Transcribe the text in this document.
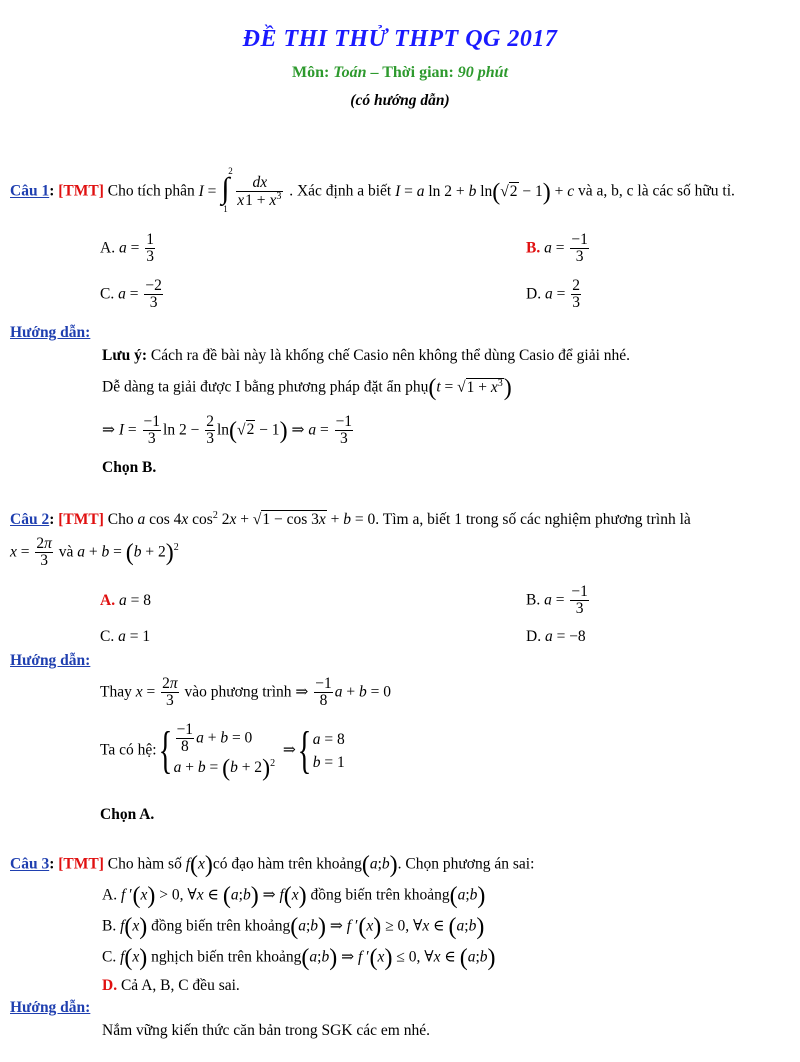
ĐỀ THI THỬ THPT QG 2017
Môn: Toán – Thời gian: 90 phút
(có hướng dẫn)
Câu 1: [TMT] Cho tích phân I = ∫
2
$1 \frac{dx}{x1 + x^3}$ . Xác định a biết I = a ln 2 + b ln(√2 − 1) + c và a, b, c là các số hữu tỉ.
A. $a = \frac{1}{3}$	B. $a = \frac{-1}{3}$
C. $a = \frac{-2}{3}$	D. $a = \frac{2}{3}$
Hướng dẫn:
Lưu ý: Cách ra đề bài này là khống chế Casio nên không thể dùng Casio để giải nhé.
Dễ dàng ta giải được I bằng phương pháp đặt ẩn phụ(t = $√1 + x^3$)
⇒ $I = \frac{-1}{3}$ $\ln 2 - \frac{2}{3} \ln(√2 - 1)$ ⇒ $a = \frac{-1}{3}$
Chọn B.
Câu 2: [TMT] Cho a cos 4x $\cos^2 2x + √1 - \cos 3x + b = 0$. Tìm a, biết 1 trong số các nghiệm phương trình là
$x = \frac{2\pi}{3}$ và $a + b = (b + 2)^2$
A. a = 8	B. $a = \frac{-1}{3}$
C. a = 1	D. a = −8
Hướng dẫn:
Thay $x = \frac{2\pi}{3}$ vào phương trình ⇒ $\frac{-1}{8}$ a + b = 0
Ta có hệ:{ $\frac{-1}{8}$ a + b = 0
$a + b = (b + 2)^2$
⇒{ a = 8
b = 1
Chọn A.
Câu 3: [TMT] Cho hàm số f(x)có đạo hàm trên khoảng(a;b). Chọn phương án sai:
A. f ′(x) > 0, ∀x ∈ (a;b) ⇒ f(x) đồng biến trên khoảng(a;b)
B. f(x) đồng biến trên khoảng(a;b) ⇒ f ′(x) ≥ 0, ∀x ∈ (a;b)
C. f(x) nghịch biến trên khoảng(a;b) ⇒ f ′(x) ≤ 0, ∀x ∈ (a;b)
D. Cả A, B, C đều sai.
Hướng dẫn:
Nắm vững kiến thức căn bản trong SGK các em nhé.
